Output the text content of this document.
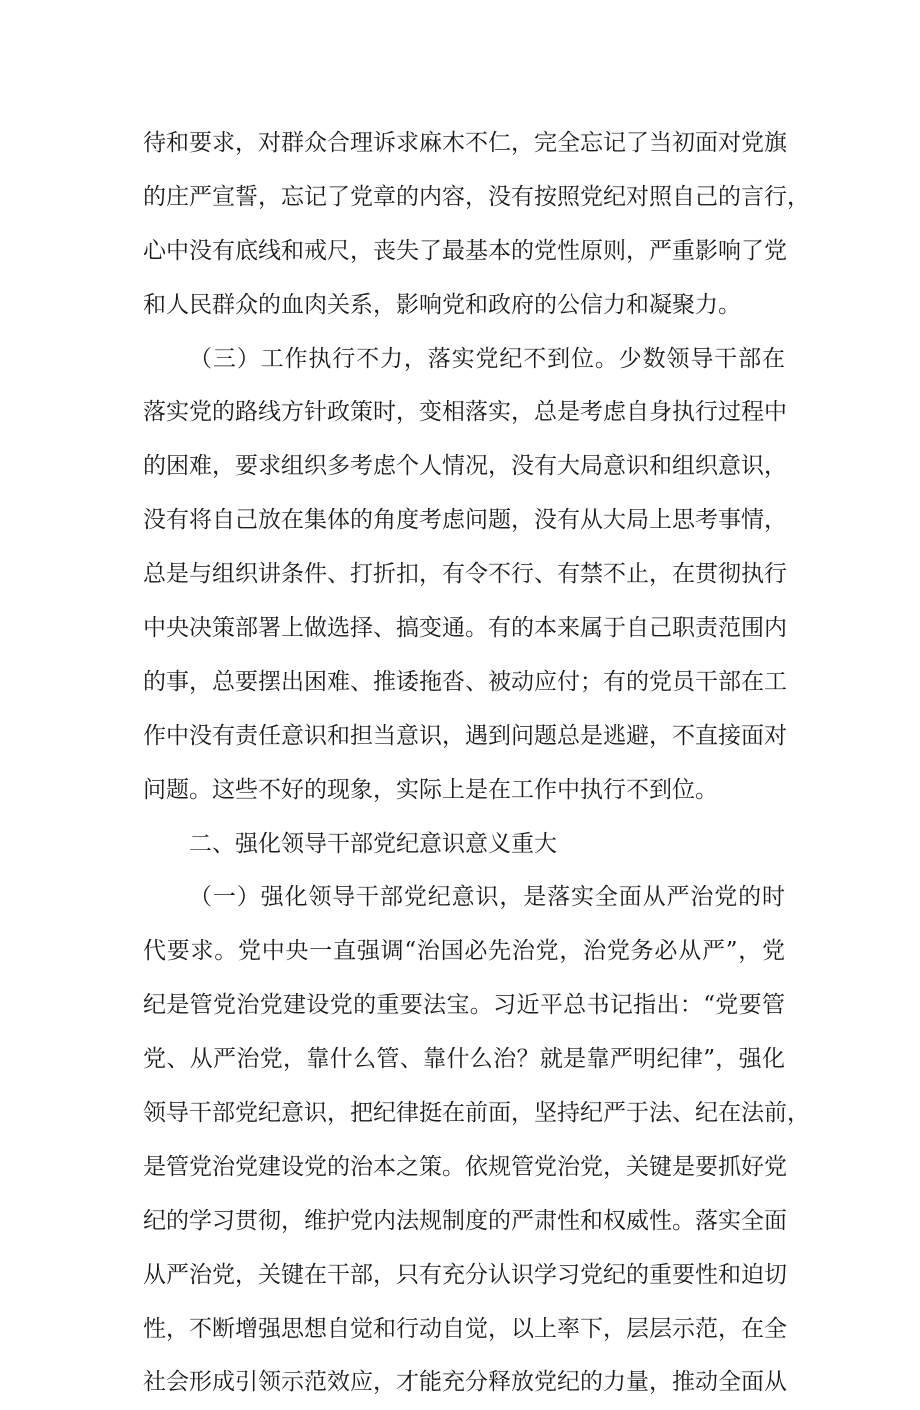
待和要求，对群众合理诉求麻木不仁，完全忘记了当初面对党旗
的庄严宣誓，忘记了党章的内容，没有按照党纪对照自己的言行，
心中没有底线和戒尺，丧失了最基本的党性原则，严重影响了党
和人民群众的血肉关系，影响党和政府的公信力和凝聚力。
（三）工作执行不力，落实党纪不到位。少数领导干部在
落实党的路线方针政策时，变相落实，总是考虑自身执行过程中
的困难，要求组织多考虑个人情况，没有大局意识和组织意识，
没有将自己放在集体的角度考虑问题，没有从大局上思考事情，
总是与组织讲条件、打折扣，有令不行、有禁不止，在贯彻执行
中央决策部署上做选择、搞变通。有的本来属于自己职责范围内
的事，总要摆出困难、推诿拖沓、被动应付；有的党员干部在工
作中没有责任意识和担当意识，遇到问题总是逃避，不直接面对
问题。这些不好的现象，实际上是在工作中执行不到位。
二、强化领导干部党纪意识意义重大
（一）强化领导干部党纪意识，是落实全面从严治党的时
代要求。党中央一直强调“治国必先治党，治党务必从严”，党
纪是管党治党建设党的重要法宝。习近平总书记指出：“党要管
党、从严治党，靠什么管、靠什么治？就是靠严明纪律”，强化
领导干部党纪意识，把纪律挺在前面，坚持纪严于法、纪在法前，
是管党治党建设党的治本之策。依规管党治党，关键是要抓好党
纪的学习贯彻，维护党内法规制度的严肃性和权威性。落实全面
从严治党，关键在干部，只有充分认识学习党纪的重要性和迫切
性，不断增强思想自觉和行动自觉，以上率下，层层示范，在全
社会形成引领示范效应，才能充分释放党纪的力量，推动全面从
